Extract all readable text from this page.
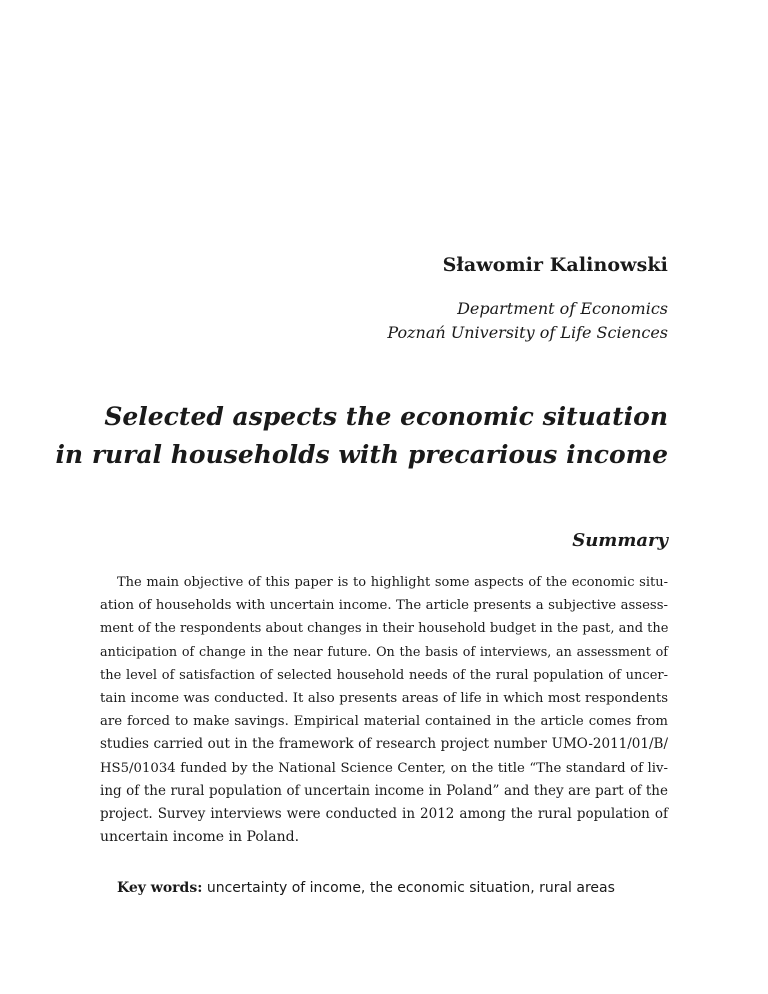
Sławomir Kalinowski
Department of Economics
Poznań University of Life Sciences
Selected aspects the economic situation
in rural households with precarious income
Summary
The main objective of this paper is to highlight some aspects of the economic situ-
ation of households with uncertain income. The article presents a subjective assess-
ment of the respondents about changes in their household budget in the past, and the
anticipation of change in the near future. On the basis of interviews, an assessment of
the level of satisfaction of selected household needs of the rural population of uncer-
tain income was conducted. It also presents areas of life in which most respondents
are forced to make savings. Empirical material contained in the article comes from
studies carried out in the framework of research project number UMO-2011/01/B/
HS5/01034 funded by the National Science Center, on the title “The standard of liv-
ing of the rural population of uncertain income in Poland” and they are part of the
project. Survey interviews were conducted in 2012 among the rural population of
uncertain income in Poland.
Key words: uncertainty of income, the economic situation, rural areas
